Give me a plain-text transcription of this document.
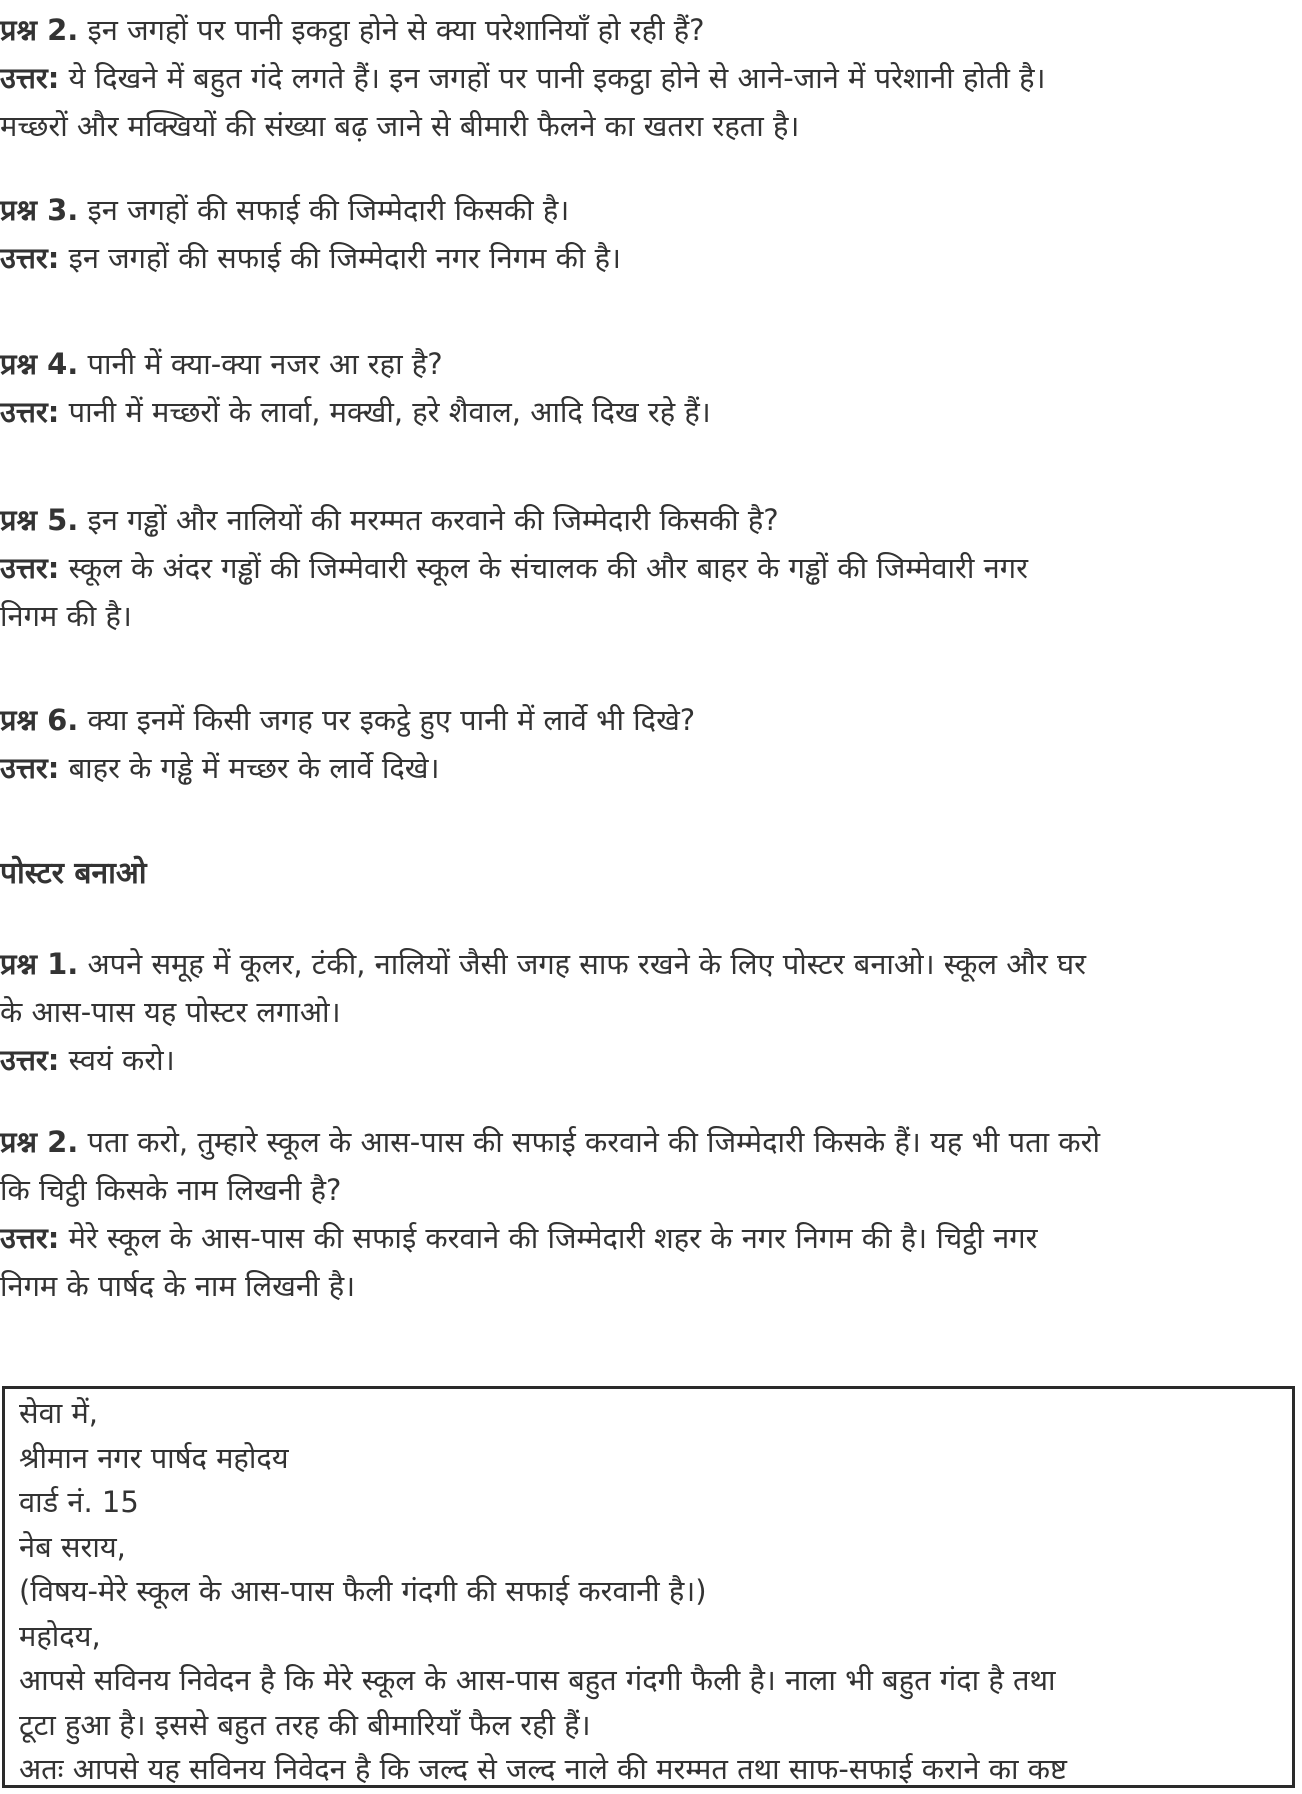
प्रश्न 2. इन जगहों पर पानी इकट्ठा होने से क्या परेशानियाँ हो रही हैं?
उत्तर: ये दिखने में बहुत गंदे लगते हैं। इन जगहों पर पानी इकट्ठा होने से आने-जाने में परेशानी होती है।
मच्छरों और मक्खियों की संख्या बढ़ जाने से बीमारी फैलने का खतरा रहता है।
प्रश्न 3. इन जगहों की सफाई की जिम्मेदारी किसकी है।
उत्तर: इन जगहों की सफाई की जिम्मेदारी नगर निगम की है।
प्रश्न 4. पानी में क्या-क्या नजर आ रहा है?
उत्तर: पानी में मच्छरों के लार्वा, मक्खी, हरे शैवाल, आदि दिख रहे हैं।
प्रश्न 5. इन गड्ढों और नालियों की मरम्मत करवाने की जिम्मेदारी किसकी है?
उत्तर: स्कूल के अंदर गड्ढों की जिम्मेवारी स्कूल के संचालक की और बाहर के गड्ढों की जिम्मेवारी नगर
निगम की है।
प्रश्न 6. क्या इनमें किसी जगह पर इकट्ठे हुए पानी में लार्वे भी दिखे?
उत्तर: बाहर के गड्ढे में मच्छर के लार्वे दिखे।
पोस्टर बनाओ
प्रश्न 1. अपने समूह में कूलर, टंकी, नालियों जैसी जगह साफ रखने के लिए पोस्टर बनाओ। स्कूल और घर
के आस-पास यह पोस्टर लगाओ।
उत्तर: स्वयं करो।
प्रश्न 2. पता करो, तुम्हारे स्कूल के आस-पास की सफाई करवाने की जिम्मेदारी किसके हैं। यह भी पता करो
कि चिट्ठी किसके नाम लिखनी है?
उत्तर: मेरे स्कूल के आस-पास की सफाई करवाने की जिम्मेदारी शहर के नगर निगम की है। चिट्ठी नगर
निगम के पार्षद के नाम लिखनी है।
सेवा में,
श्रीमान नगर पार्षद महोदय
वार्ड नं. 15
नेब सराय,
(विषय-मेरे स्कूल के आस-पास फैली गंदगी की सफाई करवानी है।)
महोदय,
आपसे सविनय निवेदन है कि मेरे स्कूल के आस-पास बहुत गंदगी फैली है। नाला भी बहुत गंदा है तथा
टूटा हुआ है। इससे बहुत तरह की बीमारियाँ फैल रही हैं।
अतः आपसे यह सविनय निवेदन है कि जल्द से जल्द नाले की मरम्मत तथा साफ-सफाई कराने का कष्ट
